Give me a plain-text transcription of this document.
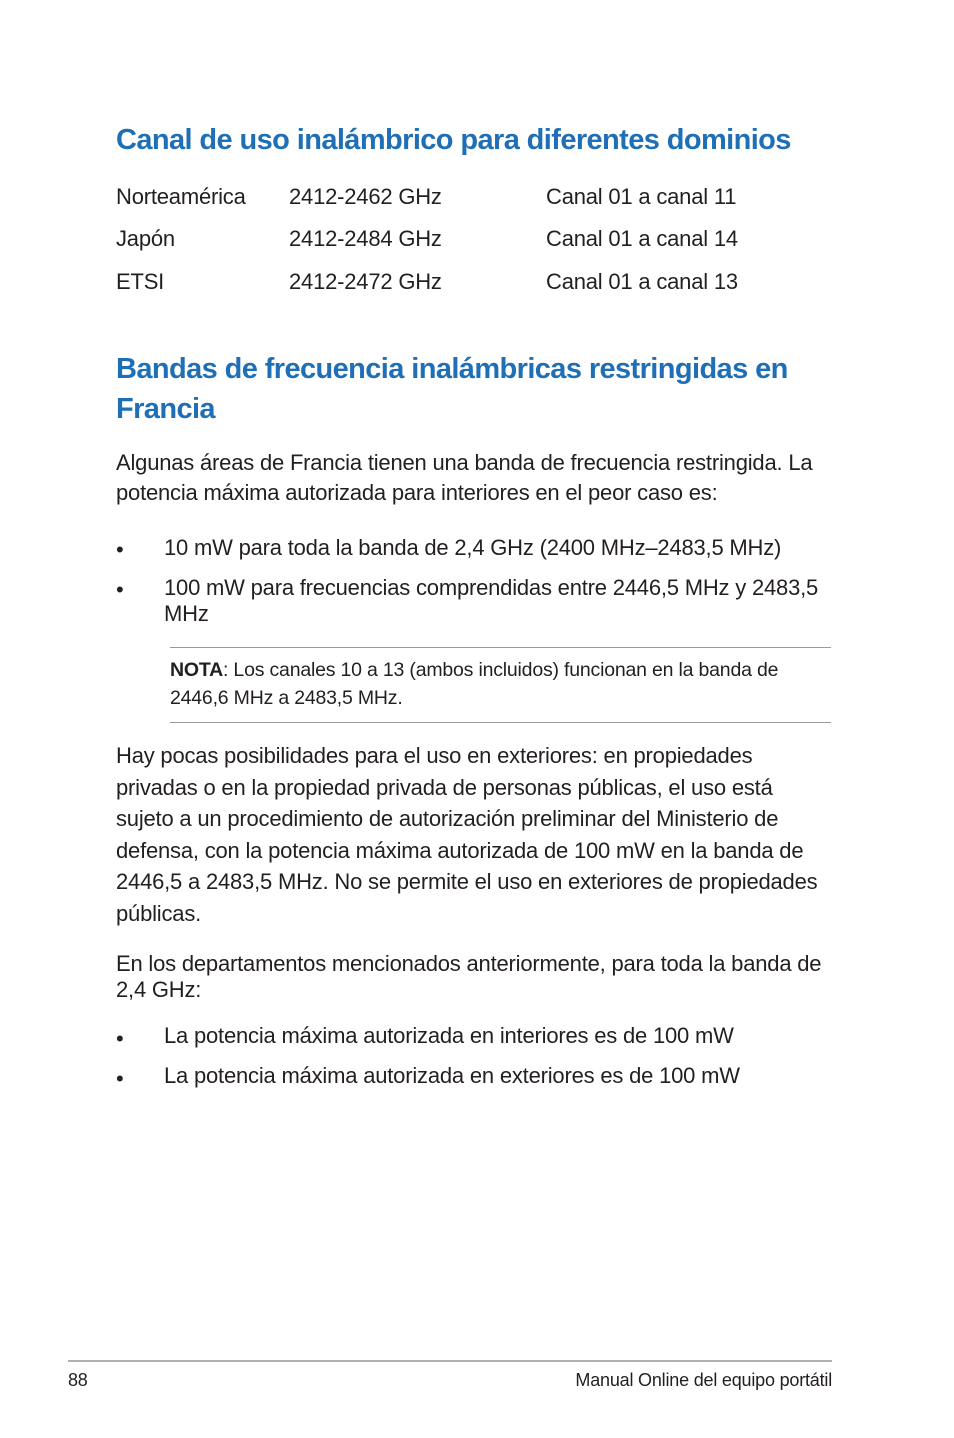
Canal de uso inalámbrico para diferentes dominios
Norteamérica 2412-2462 GHz	Canal 01 a canal 11
Japón	2412-2484 GHz	Canal 01 a canal 14
ETSI	2412-2472 GHz	Canal 01 a canal 13
Bandas de frecuencia inalámbricas restringidas en
Francia

Algunas áreas de Francia tienen una banda de frecuencia restringida. La potencia máxima autorizada para interiores en el peor caso es:

• 10 mW para toda la banda de 2,4 GHz (2400 MHz–2483,5 MHz)
• 100 mW para frecuencias comprendidas entre 2446,5 MHz y 2483,5 MHz

NOTA: Los canales 10 a 13 (ambos incluidos) funcionan en la banda de 2446,6 MHz a 2483,5 MHz.

Hay pocas posibilidades para el uso en exteriores: en propiedades privadas o en la propiedad privada de personas públicas, el uso está sujeto a un procedimiento de autorización preliminar del Ministerio de defensa, con la potencia máxima autorizada de 100 mW en la banda de 2446,5 a 2483,5 MHz. No se permite el uso en exteriores de propiedades públicas.

En los departamentos mencionados anteriormente, para toda la banda de 2,4 GHz:

• La potencia máxima autorizada en interiores es de 100 mW
• La potencia máxima autorizada en exteriores es de 100 mW
88	Manual Online del equipo portátil
